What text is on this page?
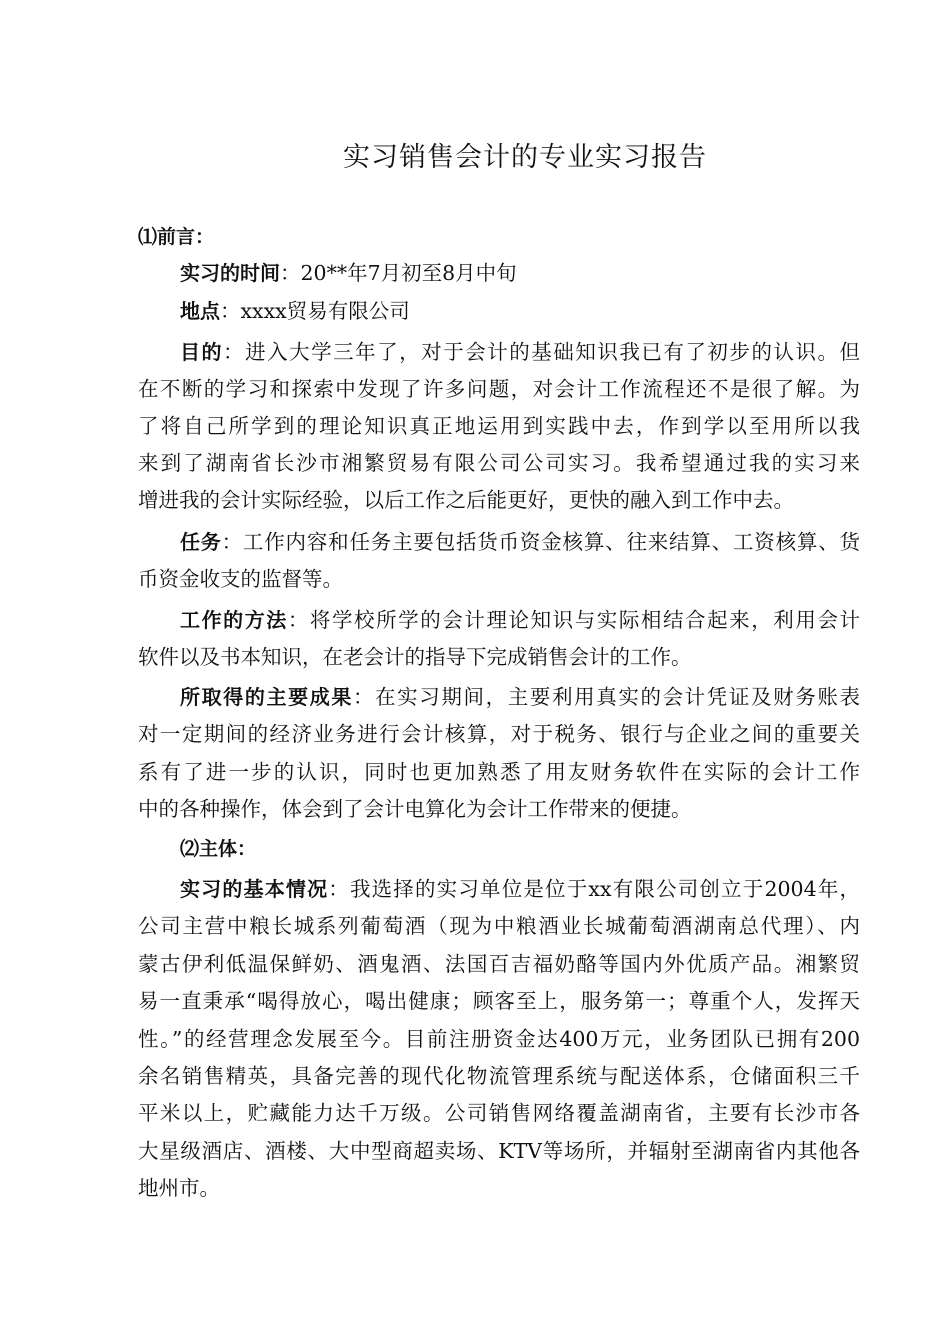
实习销售会计的专业实习报告
⑴前言：
实习的时间：20**年7月初至8月中旬
地点：xxxx贸易有限公司
目的：进入大学三年了，对于会计的基础知识我已有了初步的认识。但
在不断的学习和探索中发现了许多问题，对会计工作流程还不是很了解。为
了将自己所学到的理论知识真正地运用到实践中去，作到学以至用所以我
来到了湖南省长沙市湘繁贸易有限公司公司实习。我希望通过我的实习来
增进我的会计实际经验，以后工作之后能更好，更快的融入到工作中去。
任务：工作内容和任务主要包括货币资金核算、往来结算、工资核算、货
币资金收支的监督等。
工作的方法：将学校所学的会计理论知识与实际相结合起来，利用会计
软件以及书本知识，在老会计的指导下完成销售会计的工作。
所取得的主要成果：在实习期间，主要利用真实的会计凭证及财务账表
对一定期间的经济业务进行会计核算，对于税务、银行与企业之间的重要关
系有了进一步的认识，同时也更加熟悉了用友财务软件在实际的会计工作
中的各种操作，体会到了会计电算化为会计工作带来的便捷。
⑵主体：
实习的基本情况：我选择的实习单位是位于xx有限公司创立于2004年，
公司主营中粮长城系列葡萄酒（现为中粮酒业长城葡萄酒湖南总代理）、内
蒙古伊利低温保鲜奶、酒鬼酒、法国百吉福奶酪等国内外优质产品。湘繁贸
易一直秉承“喝得放心，喝出健康；顾客至上，服务第一；尊重个人，发挥天
性。”的经营理念发展至今。目前注册资金达400万元，业务团队已拥有200
余名销售精英，具备完善的现代化物流管理系统与配送体系，仓储面积三千
平米以上，贮藏能力达千万级。公司销售网络覆盖湖南省，主要有长沙市各
大星级酒店、酒楼、大中型商超卖场、KTV等场所，并辐射至湖南省内其他各
地州市。
